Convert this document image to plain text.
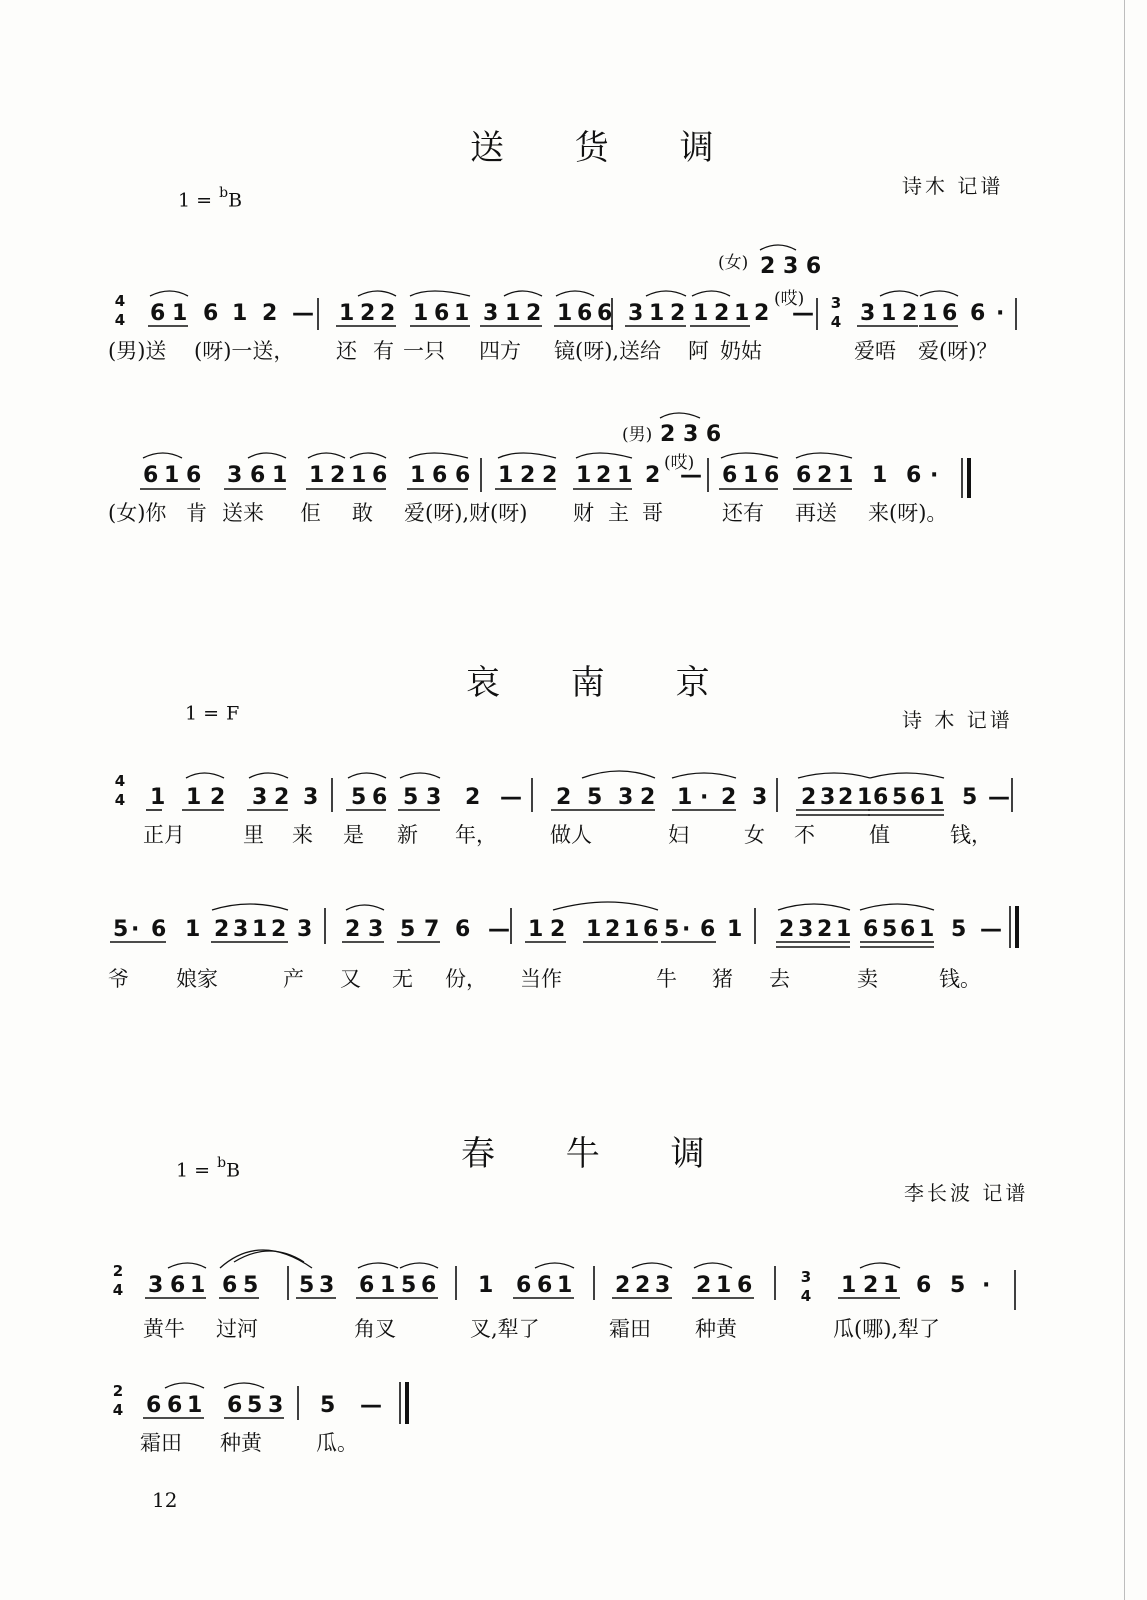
送 货 调
诗木 记谱
1 = $^b$B
哀 南 京
诗 木 记谱
1 = F
春 牛 调
李长波 记谱
1 = $^b$B
4
4
(女) 2 3 6
(哎) 3
4
6 1 6 1 2 — 1 2 2 1 6 1 3 1 2 1 6 6 3 1 2 1 2 1 2 — 3 1 2 1 6 6 ·
(男)送 (呀)一送， 还 有 一只 四方 镜(呀),送给 阿 奶姑	爱唔 爱(呀)？
(男) 2 3 6
(哎)
6 1 6 3 6 1 1 2 1 6 1 6 6 1 2 2 1 2 1 2 — 6 1 6 6 2 1 1 6 ·
(女)你 肯 送来 佢 敢 爱(呀),财(呀) 财 主 哥	还有 再送 来(呀)。
4
4 1 1 2 3 2 3 5 6 5 3 2 — 2 5 3 2 1 · 2 3 2 3 2 1 6 5 6 1 5 —
正月	里 来 是 新 年，	做人	妇	女 不	值	钱，
5 · 6 1 2 3 1 2 3 2 3 5 7 6 — 1 2 1 2 1 6 5 · 6 1 2 3 2 1 6 5 6 1 5 —
爷 娘家	产 又 无 份， 当作	牛 猪 去	卖	钱。
2
4
3
4
3 6 1 6 5 5 3 6 1 5 6 1 6 6 1 2 2 3 2 1 6	1 2 1 6 5 ·
黄牛 过河	角叉	叉,犁了	霜田 种黄	瓜(哪),犁了
2
4 6 6 1 6 5 3 5 —
霜田 种黄	瓜。
12
